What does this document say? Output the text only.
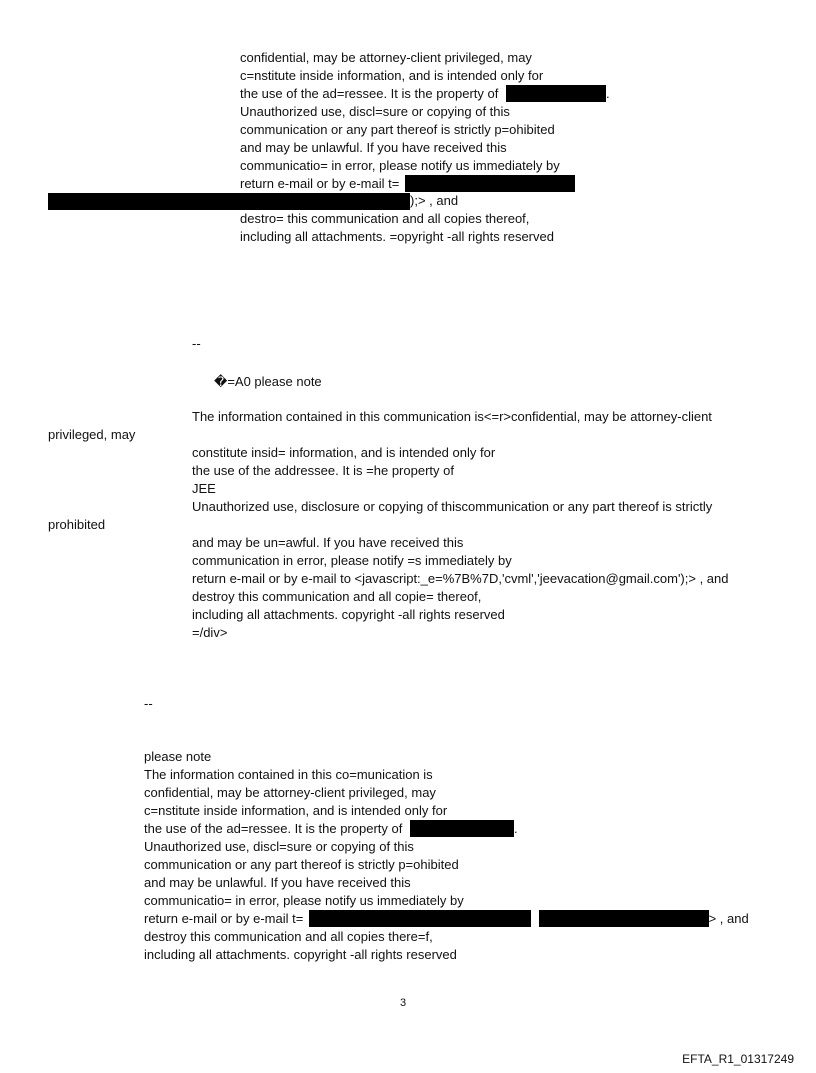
confidential, may be attorney-client privileged, may
c=nstitute inside information, and is intended only for
the use of the ad=ressee. It is the property of	.
Unauthorized use, discl=sure or copying of this
communication or any part thereof is strictly p=ohibited
and may be unlawful. If you have received this
communicatio= in error, please notify us immediately by
return e-mail or by e-mail t=
);> , and
destro= this communication and all copies thereof,
including all attachments. =opyright -all rights reserved
--
�=A0 please note
The information contained in this communication is<=r>confidential, may be attorney-client
privileged, may
constitute insid= information, and is intended only for
the use of the addressee. It is =he property of
JEE
Unauthorized use, disclosure or copying of thiscommunication or any part thereof is strictly
prohibited
and may be un=awful. If you have received this
communication in error, please notify =s immediately by
return e-mail or by e-mail to <javascript:_e=%7B%7D,'cvml','jeevacation@gmail.com');> , and
destroy this communication and all copie= thereof,
including all attachments. copyright -all rights reserved
=/div>
--
please note
The information contained in this co=munication is
confidential, may be attorney-client privileged, may
c=nstitute inside information, and is intended only for
the use of the ad=ressee. It is the property of	.
Unauthorized use, discl=sure or copying of this
communication or any part thereof is strictly p=ohibited
and may be unlawful. If you have received this
communicatio= in error, please notify us immediately by
return e-mail or by e-mail t=	> , and
destroy this communication and all copies there=f,
including all attachments. copyright -all rights reserved
3
EFTA_R1_01317249
